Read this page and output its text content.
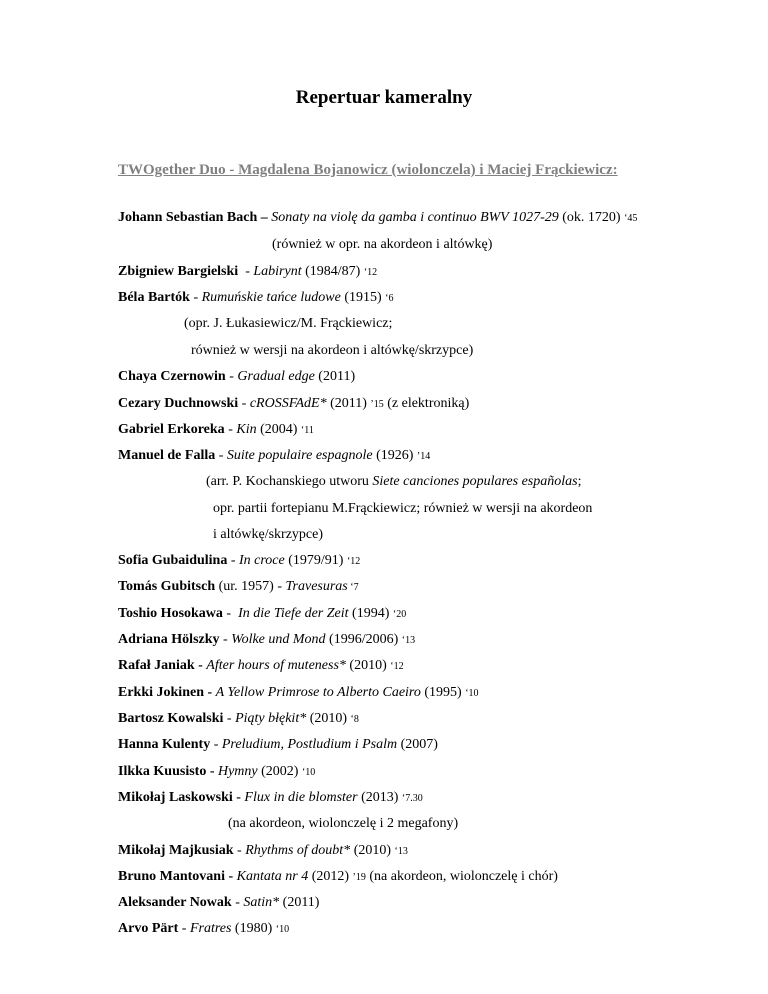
Repertuar kameralny
TWOgether Duo - Magdalena Bojanowicz (wiolonczela) i Maciej Frąckiewicz:
Johann Sebastian Bach – Sonaty na violę da gamba i continuo BWV 1027-29 (ok. 1720) ‘45
(również w opr. na akordeon i altówkę)
Zbigniew Bargielski  - Labirynt (1984/87) ‘12
Béla Bartók - Rumuńskie tańce ludowe (1915) ‘6
(opr. J. Łukasiewicz/M. Frąckiewicz;
również w wersji na akordeon i altówkę/skrzypce)
Chaya Czernowin - Gradual edge (2011)
Cezary Duchnowski - cROSSFAdE* (2011) ’15 (z elektroniką)
Gabriel Erkoreka - Kin (2004) ‘11
Manuel de Falla - Suite populaire espagnole (1926) ’14
(arr. P. Kochanskiego utworu Siete canciones populares españolas;
opr. partii fortepianu M.Frąckiewicz; również w wersji na akordeon
i altówkę/skrzypce)
Sofia Gubaidulina - In croce (1979/91) ‘12
Tomás Gubitsch (ur. 1957) - Travesuras ‘7
Toshio Hosokawa -  In die Tiefe der Zeit (1994) ‘20
Adriana Hölszky - Wolke und Mond (1996/2006) ‘13
Rafał Janiak - After hours of muteness* (2010) ‘12
Erkki Jokinen - A Yellow Primrose to Alberto Caeiro (1995) ‘10
Bartosz Kowalski - Piąty błękit* (2010) ‘8
Hanna Kulenty - Preludium, Postludium i Psalm (2007)
Ilkka Kuusisto - Hymny (2002) ‘10
Mikołaj Laskowski - Flux in die blomster (2013) ‘7.30
(na akordeon, wiolonczelę i 2 megafony)
Mikołaj Majkusiak - Rhythms of doubt* (2010) ‘13
Bruno Mantovani - Kantata nr 4 (2012) ’19 (na akordeon, wiolonczelę i chór)
Aleksander Nowak - Satin* (2011)
Arvo Pärt - Fratres (1980) ‘10
